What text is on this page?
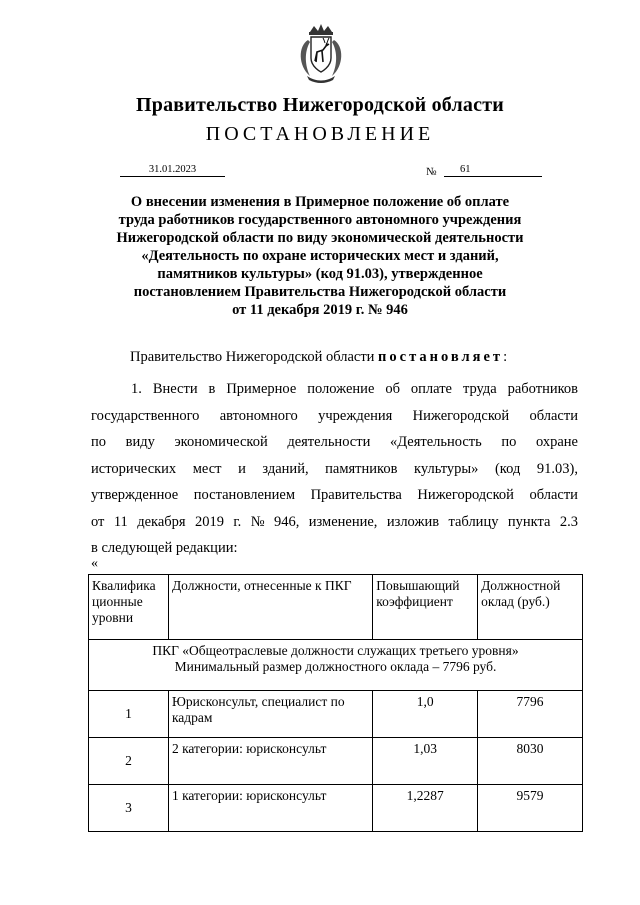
Правительство Нижегородской области
ПОСТАНОВЛЕНИЕ
31.01.2023	№	61
О внесении изменения в Примерное положение об оплате
труда работников государственного автономного учреждения
Нижегородской области по виду экономической деятельности
«Деятельность по охране исторических мест и зданий,
памятников культуры» (код 91.03), утвержденное
постановлением Правительства Нижегородской области
от 11 декабря 2019 г. № 946
Правительство Нижегородской области постановляет:
1. Внести в Примерное положение об оплате труда работников
государственного автономного учреждения Нижегородской области
по виду экономической деятельности «Деятельность по охране
исторических мест и зданий, памятников культуры» (код 91.03),
утвержденное постановлением Правительства Нижегородской области
от 11 декабря 2019 г. № 946, изменение, изложив таблицу пункта 2.3
в следующей редакции:
«
Квалифика ционные уровни	Должности, отнесенные к ПКГ	Повышающий коэффициент	Должностной оклад (руб.)

ПКГ «Общеотраслевые должности служащих третьего уровня»
Минимальный размер должностного оклада – 7796 руб.			

1	Юрисконсульт, специалист по кадрам	1,0	7796
2	2 категории: юрисконсульт	1,03	8030
3	1 категории: юрисконсульт	1,2287	9579
